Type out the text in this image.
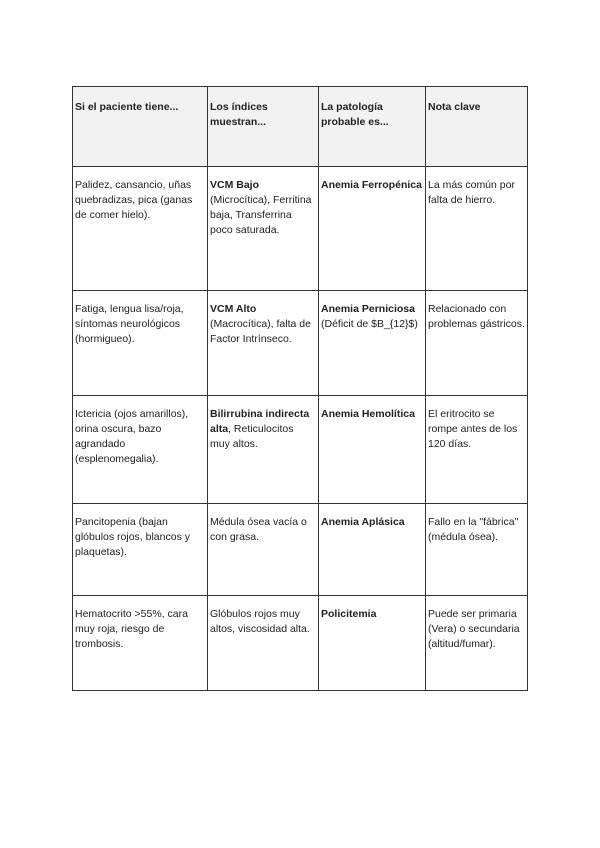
Si el paciente tiene...	Los índices muestran...	La patología probable es...	Nota clave
Palidez, cansancio, uñas quebradizas, pica (ganas de comer hielo).	VCM Bajo (Microcítica), Ferritina baja, Transferrina poco saturada.	Anemia Ferropénica	La más común por falta de hierro.
Fatiga, lengua lisa/roja, síntomas neurológicos (hormigueo).	VCM Alto (Macrocítica), falta de Factor Intrínseco.	Anemia Perniciosa (Déficit de $B_{12}$)	Relacionado con problemas gástricos.
Ictericia (ojos amarillos), orina oscura, bazo agrandado (esplenomegalia).	Bilirrubina indirecta alta, Reticulocitos muy altos.	Anemia Hemolítica	El eritrocito se rompe antes de los 120 días.
Pancitopenia (bajan glóbulos rojos, blancos y plaquetas).	Médula ósea vacía o con grasa.	Anemia Aplásica	Fallo en la "fábrica" (médula ósea).
Hematocrito >55%, cara muy roja, riesgo de trombosis.	Glóbulos rojos muy altos, viscosidad alta.	Policitemia	Puede ser primaria (Vera) o secundaria (altitud/fumar).
